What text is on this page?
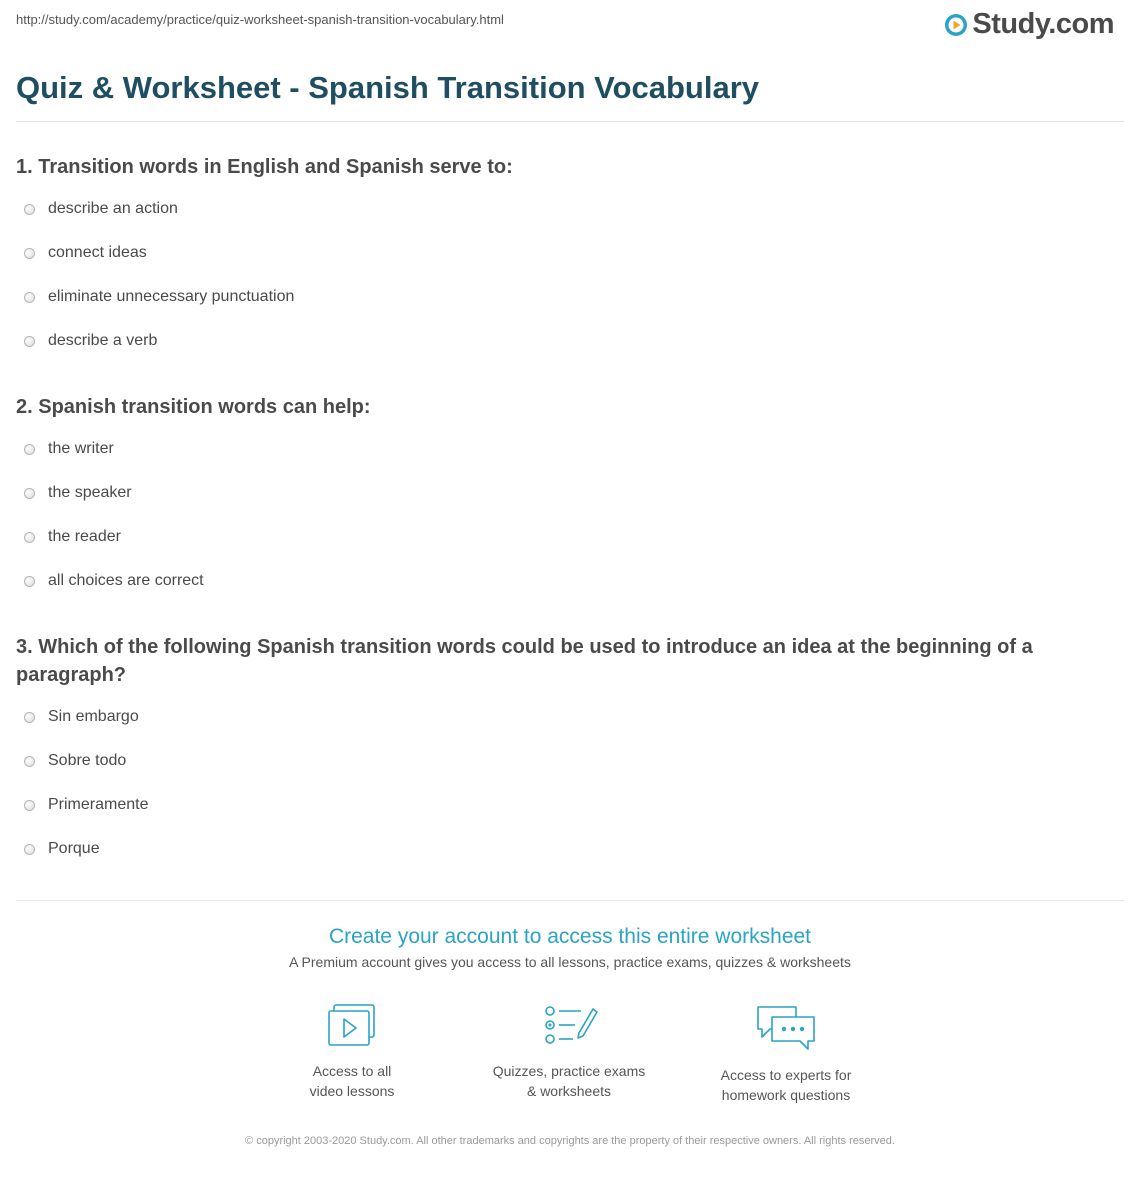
http://study.com/academy/practice/quiz-worksheet-spanish-transition-vocabulary.html	Study.com
Quiz & Worksheet - Spanish Transition Vocabulary
1. Transition words in English and Spanish serve to:
describe an action
connect ideas
eliminate unnecessary punctuation
describe a verb
2. Spanish transition words can help:
the writer
the speaker
the reader
all choices are correct
3. Which of the following Spanish transition words could be used to introduce an idea at the beginning of a paragraph?
Sin embargo
Sobre todo
Primeramente
Porque
Create your account to access this entire worksheet
A Premium account gives you access to all lessons, practice exams, quizzes & worksheets
Access to all
video lessons
Quizzes, practice exams
& worksheets
Access to experts for
homework questions
© copyright 2003-2020 Study.com. All other trademarks and copyrights are the property of their respective owners. All rights reserved.
